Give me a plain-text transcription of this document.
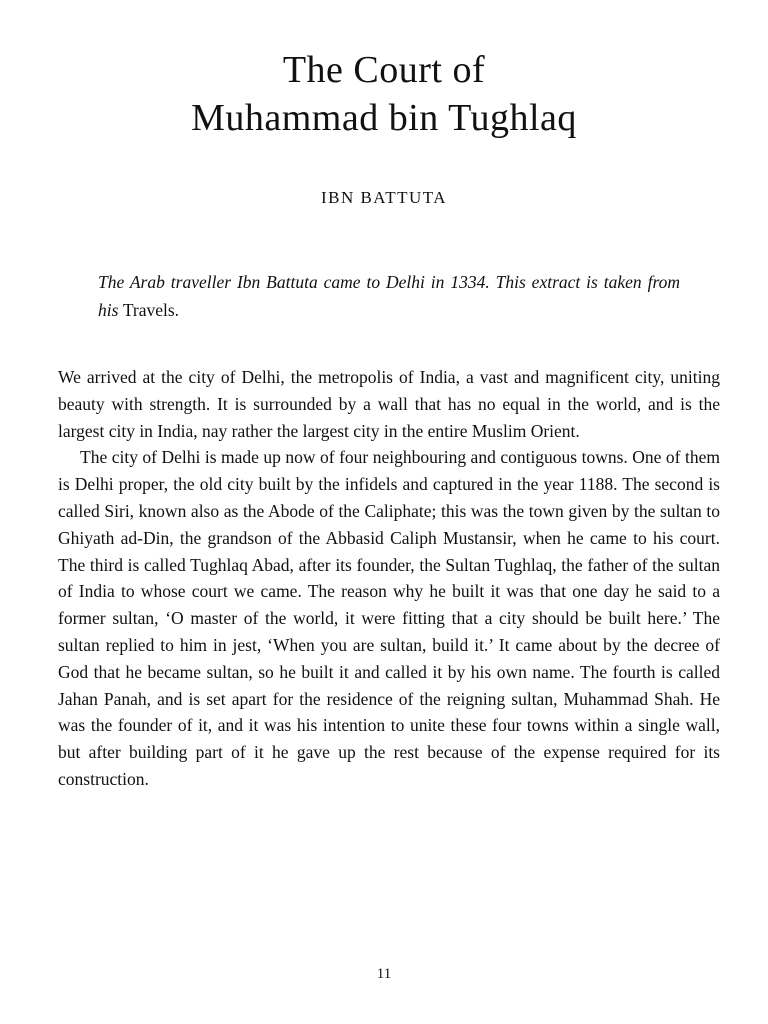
The Court of
Muhammad bin Tughlaq
IBN BATTUTA

The Arab traveller Ibn Battuta came to Delhi in 1334. This extract is taken from his Travels.

We arrived at the city of Delhi, the metropolis of India, a vast and magnificent city, uniting beauty with strength. It is surrounded by a wall that has no equal in the world, and is the largest city in India, nay rather the largest city in the entire Muslim Orient.

The city of Delhi is made up now of four neighbouring and contiguous towns. One of them is Delhi proper, the old city built by the infidels and captured in the year 1188. The second is called Siri, known also as the Abode of the Caliphate; this was the town given by the sultan to Ghiyath ad-Din, the grandson of the Abbasid Caliph Mustansir, when he came to his court. The third is called Tughlaq Abad, after its founder, the Sultan Tughlaq, the father of the sultan of India to whose court we came. The reason why he built it was that one day he said to a former sultan, ‘O master of the world, it were fitting that a city should be built here.’ The sultan replied to him in jest, ‘When you are sultan, build it.’ It came about by the decree of God that he became sultan, so he built it and called it by his own name. The fourth is called Jahan Panah, and is set apart for the residence of the reigning sultan, Muhammad Shah. He was the founder of it, and it was his intention to unite these four towns within a single wall, but after building part of it he gave up the rest because of the expense required for its construction.

11
